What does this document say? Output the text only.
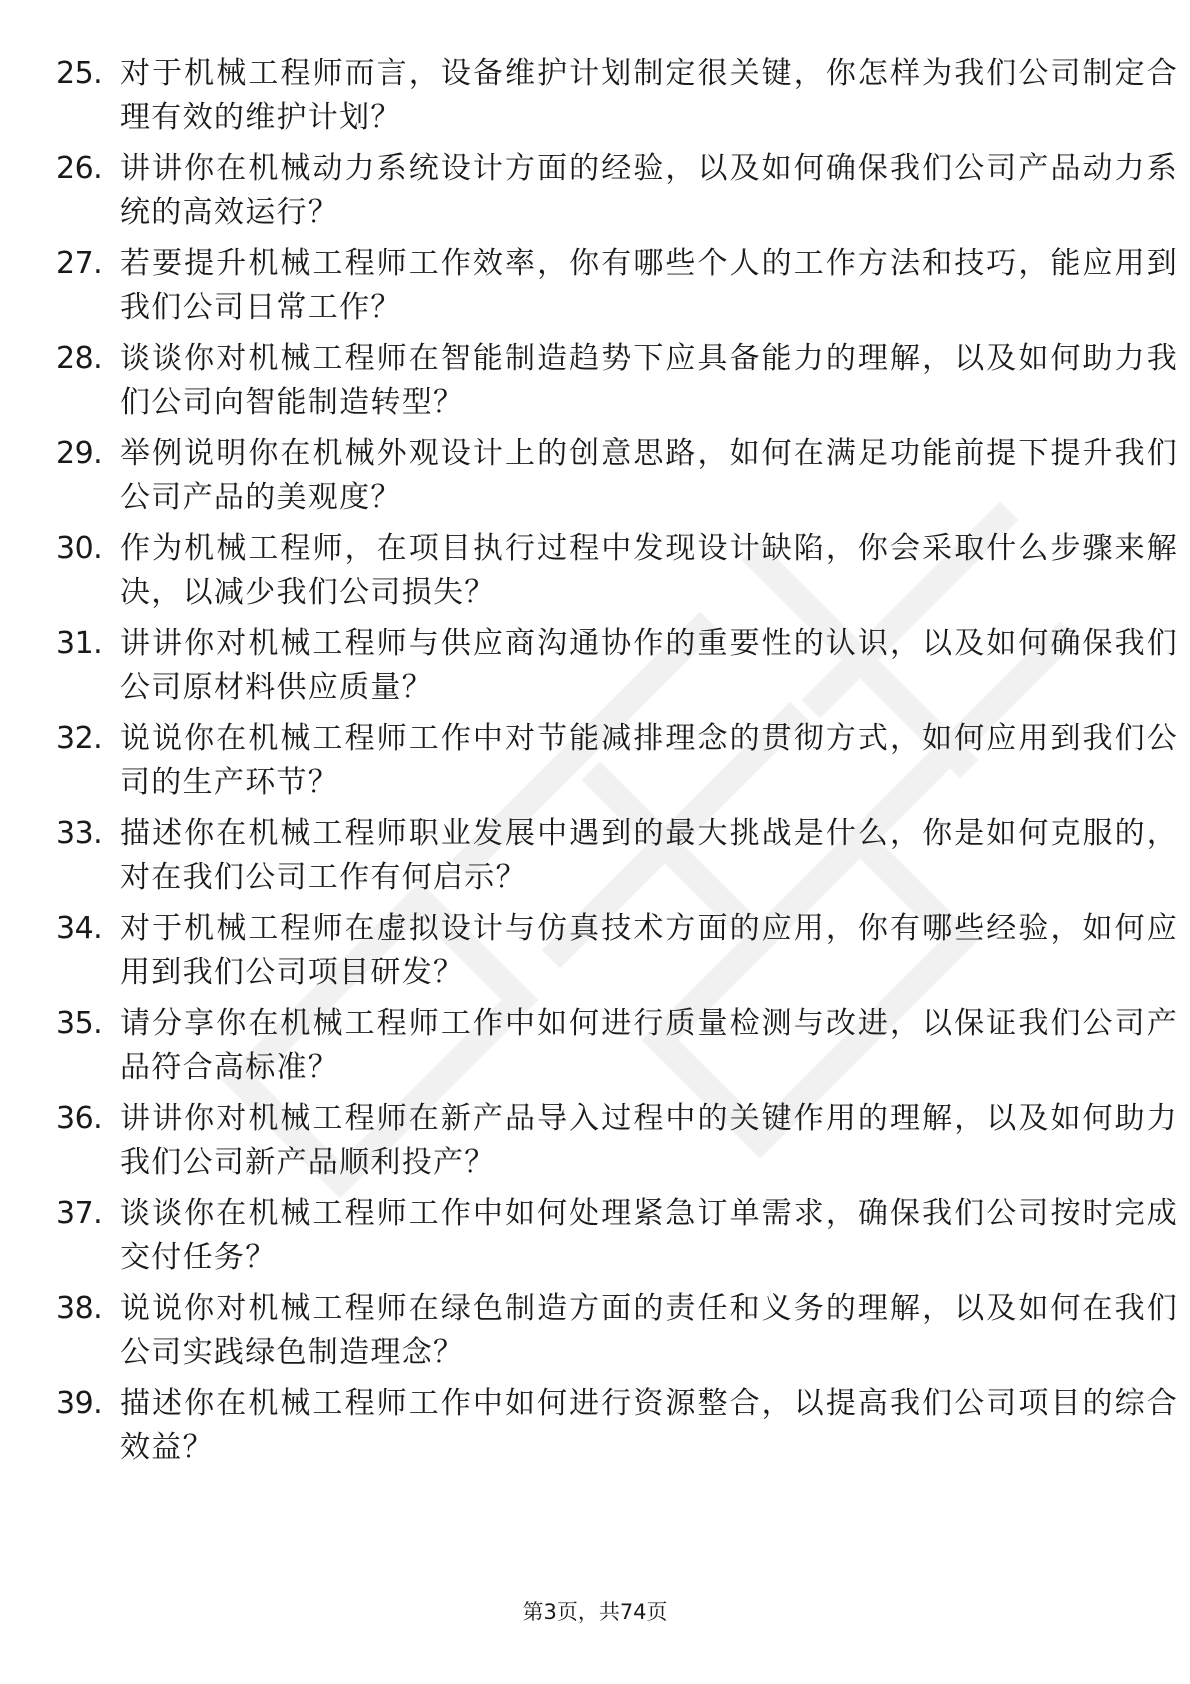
25. 对于机械工程师而言，设备维护计划制定很关键，你怎样为我们公司制定合理有效的维护计划？
26. 讲讲你在机械动力系统设计方面的经验，以及如何确保我们公司产品动力系统的高效运行？
27. 若要提升机械工程师工作效率，你有哪些个人的工作方法和技巧，能应用到我们公司日常工作？
28. 谈谈你对机械工程师在智能制造趋势下应具备能力的理解，以及如何助力我们公司向智能制造转型？
29. 举例说明你在机械外观设计上的创意思路，如何在满足功能前提下提升我们公司产品的美观度？
30. 作为机械工程师，在项目执行过程中发现设计缺陷，你会采取什么步骤来解决，以减少我们公司损失？
31. 讲讲你对机械工程师与供应商沟通协作的重要性的认识，以及如何确保我们公司原材料供应质量？
32. 说说你在机械工程师工作中对节能减排理念的贯彻方式，如何应用到我们公司的生产环节？
33. 描述你在机械工程师职业发展中遇到的最大挑战是什么，你是如何克服的，对在我们公司工作有何启示？
34. 对于机械工程师在虚拟设计与仿真技术方面的应用，你有哪些经验，如何应用到我们公司项目研发？
35. 请分享你在机械工程师工作中如何进行质量检测与改进，以保证我们公司产品符合高标准？
36. 讲讲你对机械工程师在新产品导入过程中的关键作用的理解，以及如何助力我们公司新产品顺利投产？
37. 谈谈你在机械工程师工作中如何处理紧急订单需求，确保我们公司按时完成交付任务？
38. 说说你对机械工程师在绿色制造方面的责任和义务的理解，以及如何在我们公司实践绿色制造理念？
39. 描述你在机械工程师工作中如何进行资源整合，以提高我们公司项目的综合效益？
第3页，共74页
